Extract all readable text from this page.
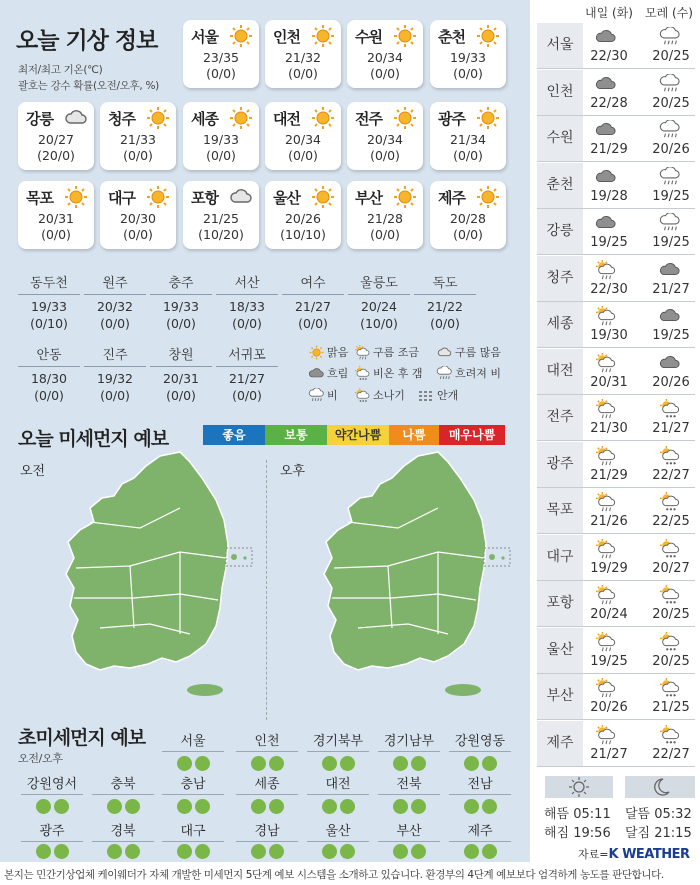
오늘 기상 정보
최저/최고 기온(℃)
괄호는 강수 확률(오전/오후, %)
서울
23/35
(0/0)
인천
21/32
(0/0)
수원
20/34
(0/0)
춘천
19/33
(0/0)
강릉
20/27
(20/0)
청주
21/33
(0/0)
세종
19/33
(0/0)
대전
20/34
(0/0)
전주
20/34
(0/0)
광주
21/34
(0/0)
목포
20/31
(0/0)
대구
20/30
(0/0)
포항
21/25
(10/20)
울산
20/26
(10/10)
부산
21/28
(0/0)
제주
20/28
(0/0)
동두천
19/33
(0/10)
원주
20/32
(0/0)
충주
19/33
(0/0)
서산
18/33
(0/0)
여수
21/27
(0/0)
울릉도
20/24
(10/0)
독도
21/22
(0/0)
안동
18/30
(0/0)
진주
19/32
(0/0)
창원
20/31
(0/0)
서귀포
21/27
(0/0)
맑음 구름 조금	구름 많음
흐림 비온 후 갬	흐려져 비
비	소나기	안개
오늘 미세먼지 예보	좋음	보통	약간나쁨	나쁨	매우나쁨
오전	오후
초미세먼지 예보
오전/오후
서울	인천	경기북부	경기남부	강원영동
강원영서	충북	충남	세종	대전	전북	전남
광주	경북	대구	경남	울산	부산	제주
내일 (화) 모레 (수)
서울
22/30 20/25
인천
22/28 20/25
수원
21/29 20/26
춘천
19/28 19/25
강릉
19/25 19/25
청주
22/30 21/27
세종
19/30 19/25
대전
20/31 20/26
전주
21/30 21/27
광주
21/29 22/27
목포
21/26 22/25
대구
19/29 20/27
포항
20/24 20/25
울산
19/25 20/25
부산
20/26 21/25
제주
21/27 22/27
해뜸 05:11
해짐 19:56
달뜸 05:32
달짐 21:15
자료=K WEATHER
본지는 민간기상업체 케이웨더가 자체 개발한 미세먼지 5단계 예보 시스템을 소개하고 있습니다. 환경부의 4단계 예보보다 엄격하게 농도를 판단합니다.
